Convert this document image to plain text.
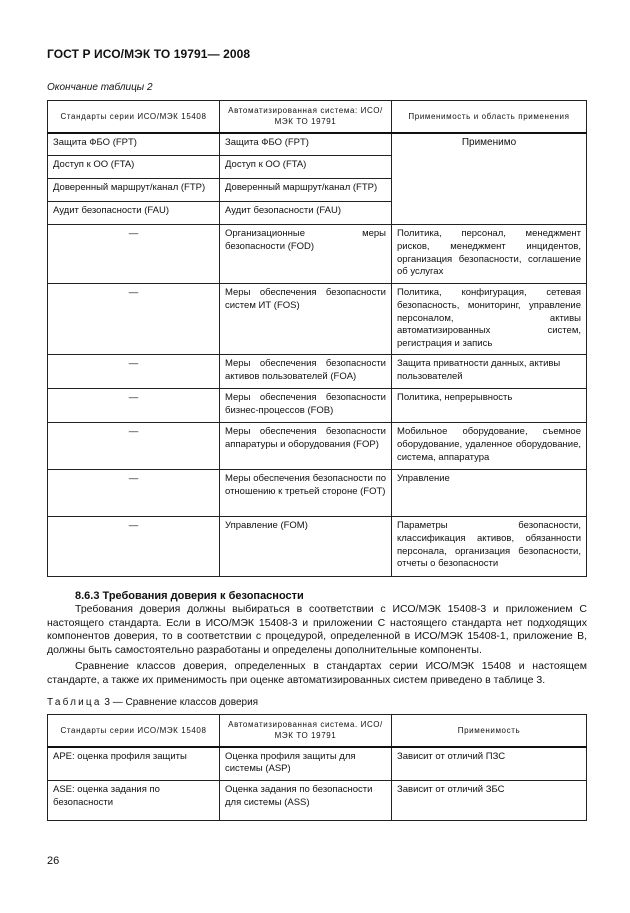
ГОСТ Р ИСО/МЭК ТО 19791— 2008
Окончание таблицы 2
Стандарты серии ИСО/МЭК 15408	Автоматизированная система: ИСО/МЭК ТО 19791	Применимость и область применения
Защита ФБО (FPT)	Защита ФБО (FPT)	Применимо
Доступ к ОО (FTA)	Доступ к ОО (FTA)	
Доверенный маршрут/канал (FTP)	Доверенный маршрут/канал (FTP)	
Аудит безопасности (FAU)	Аудит безопасности (FAU)	
—	Организационные меры безопасности (FOD)	Политика, персонал, менеджмент рисков, менеджмент инцидентов, организация безопасности, соглашение об услугах
—	Меры обеспечения безопасности систем ИТ (FOS)	Политика, конфигурация, сетевая безопасность, мониторинг, управление персоналом, активы автоматизированных систем, регистрация и запись
—	Меры обеспечения безопасности активов пользователей (FOA)	Защита приватности данных, активы пользователей
—	Меры обеспечения безопасности бизнес-процессов (FOB)	Политика, непрерывность
—	Меры обеспечения безопасности аппаратуры и оборудования (FOP)	Мобильное оборудование, съемное оборудование, удаленное оборудование, система, аппаратура
—	Меры обеспечения безопасности по отношению к третьей стороне (FOT)	Управление
—	Управление (FOM)	Параметры безопасности, классификация активов, обязанности персонала, организация безопасности, отчеты о безопасности
8.6.3 Требования доверия к безопасности
Требования доверия должны выбираться в соответствии с ИСО/МЭК 15408-3 и приложением С настоящего стандарта. Если в ИСО/МЭК 15408-3 и приложении С настоящего стандарта нет подходящих компонентов доверия, то в соответствии с процедурой, определенной в ИСО/МЭК 15408-1, приложение В, должны быть самостоятельно разработаны и определены дополнительные компоненты.
Сравнение классов доверия, определенных в стандартах серии ИСО/МЭК 15408 и настоящем стандарте, а также их применимость при оценке автоматизированных систем приведено в таблице 3.
Таблица 3 — Сравнение классов доверия
Стандарты серии ИСО/МЭК 15408	Автоматизированная система. ИСО/МЭК ТО 19791	Применимость
APE: оценка профиля защиты	Оценка профиля защиты для системы (ASP)	Зависит от отличий ПЗС
ASE: оценка задания по безопасности	Оценка задания по безопасности для системы (ASS)	Зависит от отличий ЗБС
26
